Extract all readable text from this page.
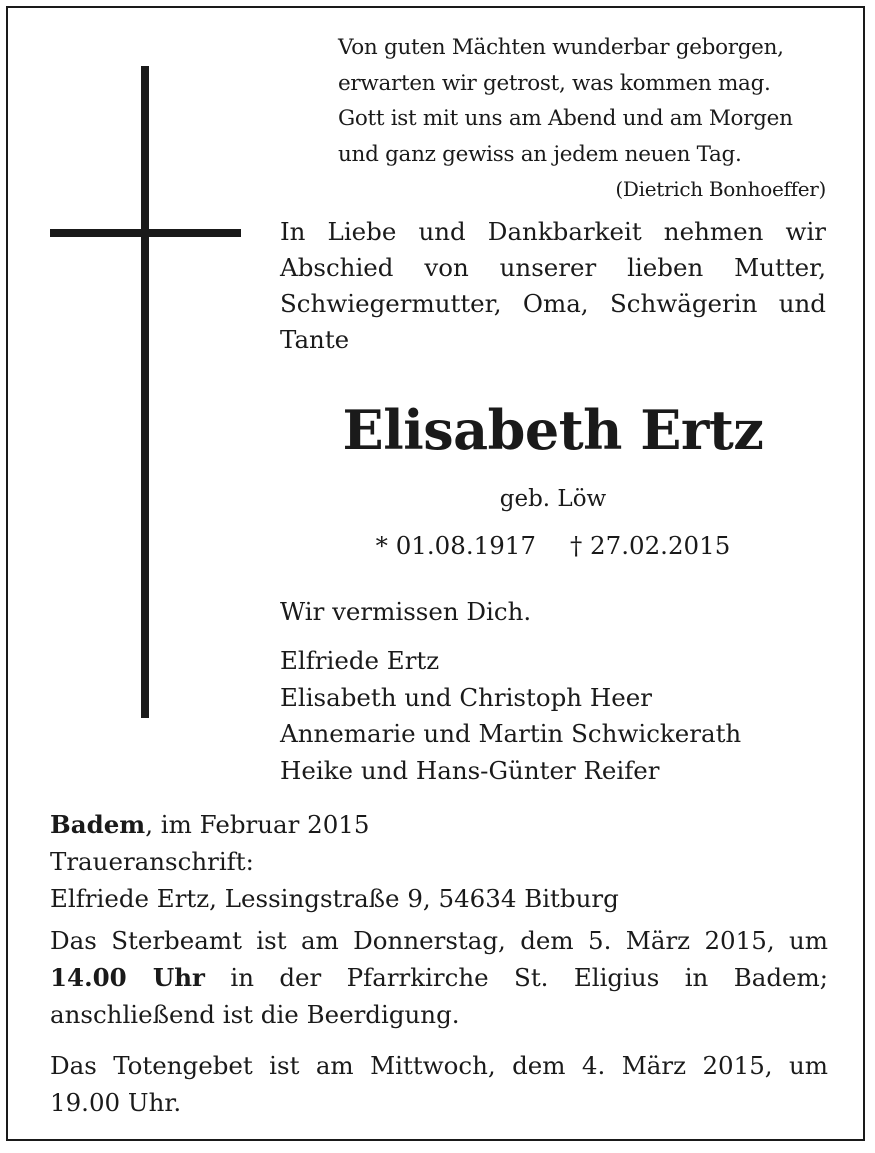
Von guten Mächten wunderbar geborgen,
erwarten wir getrost, was kommen mag.
Gott ist mit uns am Abend und am Morgen
und ganz gewiss an jedem neuen Tag.
(Dietrich Bonhoeffer)
In Liebe und Dankbarkeit nehmen wir Abschied von unserer lieben Mutter, Schwiegermutter, Oma, Schwägerin und Tante
Elisabeth Ertz
geb. Löw
* 01.08.1917 † 27.02.2015
Wir vermissen Dich.
Elfriede Ertz
Elisabeth und Christoph Heer
Annemarie und Martin Schwickerath
Heike und Hans-Günter Reifer
Badem, im Februar 2015
Traueranschrift:
Elfriede Ertz, Lessingstraße 9, 54634 Bitburg

Das Sterbeamt ist am Donnerstag, dem 5. März 2015, um 14.00 Uhr in der Pfarrkirche St. Eligius in Badem; anschließend ist die Beerdigung.

Das Totengebet ist am Mittwoch, dem 4. März 2015, um 19.00 Uhr.
